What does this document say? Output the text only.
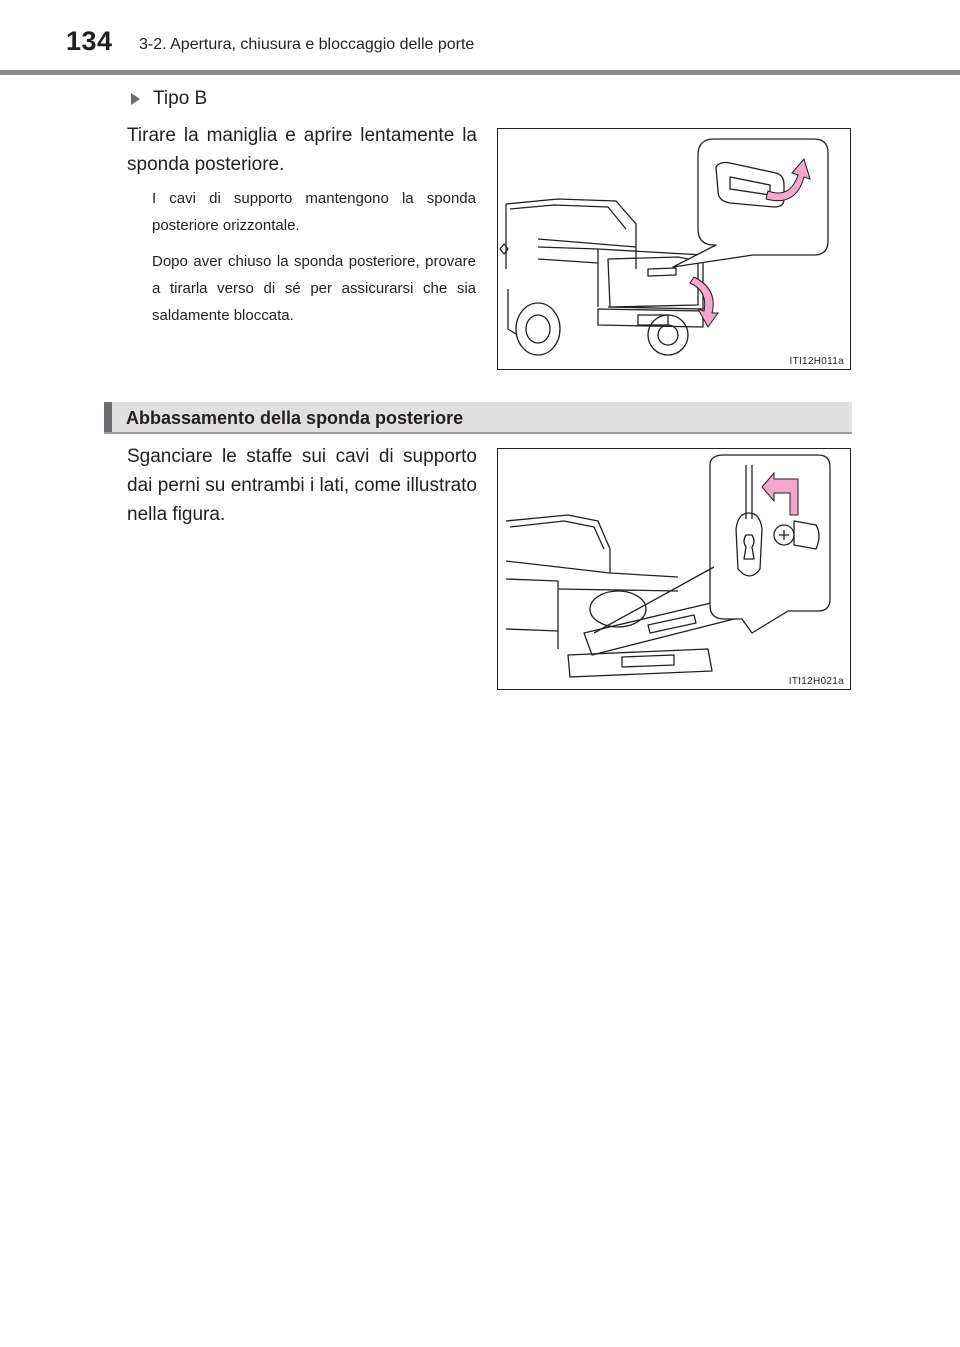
134 3-2. Apertura, chiusura e bloccaggio delle porte
Tipo B
Tirare la maniglia e aprire lentamente la sponda posteriore.
I cavi di supporto mantengono la sponda posteriore orizzontale.
Dopo aver chiuso la sponda posteriore, provare a tirarla verso di sé per assicurarsi che sia saldamente bloccata.
ITI12H011a
Abbassamento della sponda posteriore
Sganciare le staffe sui cavi di supporto dai perni su entrambi i lati, come illustrato nella figura.
ITI12H021a
